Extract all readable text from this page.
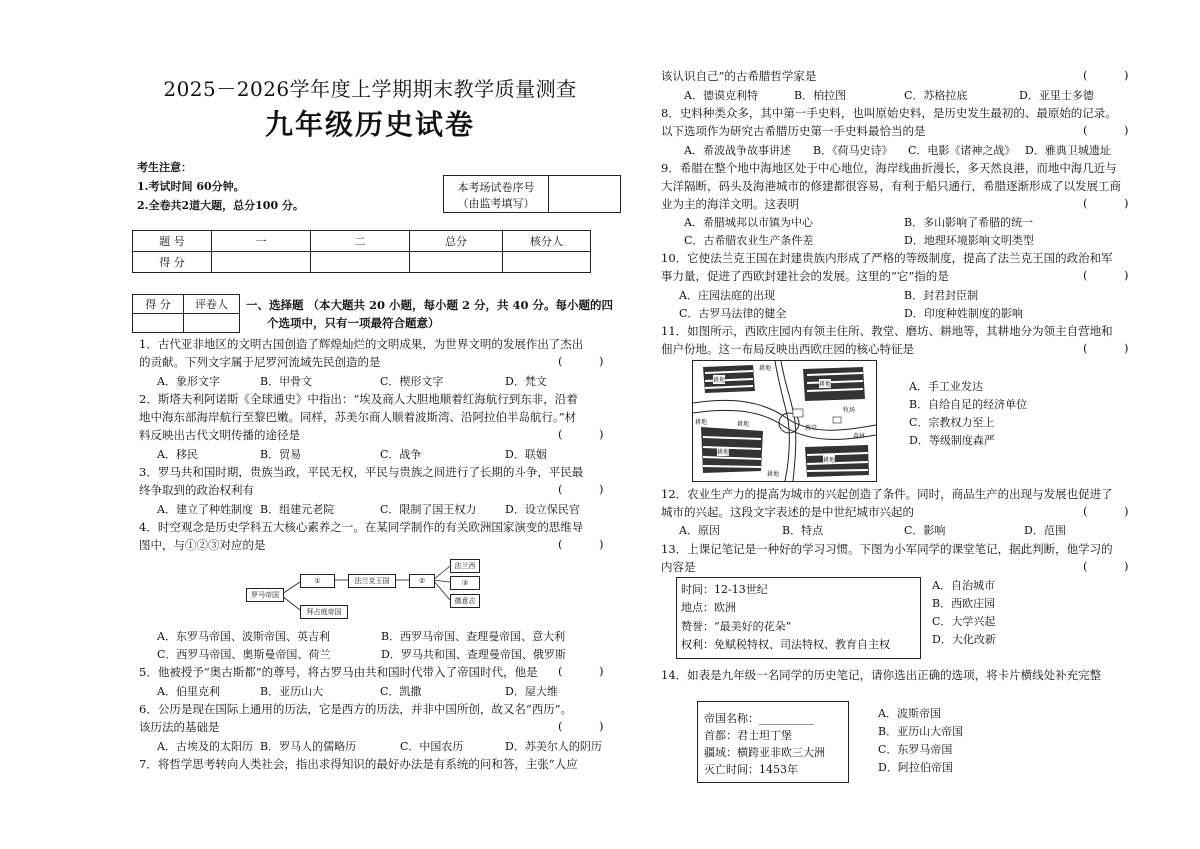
2025－2026学年度上学期期末教学质量测查
九年级历史试卷
考生注意：
1.考试时间 60分钟。
2.全卷共2道大题，总分100 分。
本考场试卷序号
（由监考填写）
题 号	一	二	总分	核分人
得 分				
得 分	评卷人
	一、选择题 （本大题共 20 小题，每小题 2 分，共 40 分。每小题的四
个选项中，只有一项最符合题意）
1．古代亚非地区的文明古国创造了辉煌灿烂的文明成果，为世界文明的发展作出了杰出
的贡献。下列文字属于尼罗河流域先民创造的是	(          )
A．象形文字	B．甲骨文	C．楔形文字	D．梵文
2．斯塔夫利阿诺斯《全球通史》中指出：“埃及商人大胆地顺着红海航行到东非，沿着
地中海东部海岸航行至黎巴嫩。同样，苏美尔商人顺着波斯湾、沿阿拉伯半岛航行。”材
料反映出古代文明传播的途径是	(          )
A．移民	B．贸易	C．战争	D．联姻
3．罗马共和国时期，贵族当政，平民无权，平民与贵族之间进行了长期的斗争，平民最
终争取到的政治权利有	(          )
A．建立了种姓制度 B．组建元老院	C．限制了国王权力	D．设立保民官
4．时空观念是历史学科五大核心素养之一。在某同学制作的有关欧洲国家演变的思维导
图中，与①②③对应的是	(          )
罗马帝国
①	法兰克王国	②
拜占庭帝国
法兰西
③
德意志
A．东罗马帝国、波斯帝国、英吉利	B．西罗马帝国、查理曼帝国、意大利
C．西罗马帝国、奥斯曼帝国、荷兰	D．罗马共和国、查理曼帝国、俄罗斯
5．他被授予“奥古斯都”的尊号，将古罗马由共和国时代带入了帝国时代，他是 (          )
A．伯里克利	B．亚历山大	C．凯撒	D．屋大维
6．公历是现在国际上通用的历法，它是西方的历法，并非中国所创，故又名“西历”。
该历法的基础是	(          )
A．古埃及的太阳历 B．罗马人的儒略历	C．中国农历	D．苏美尔人的阴历
7．将哲学思考转向人类社会，指出求得知识的最好办法是有系统的问和答，主张“人应
该认识自己”的古希腊哲学家是	(          )
A．德谟克利特	B．柏拉图	C．苏格拉底	D．亚里士多德
8．史料种类众多，其中第一手史料，也叫原始史料，是历史发生最初的、最原始的记录。
以下选项作为研究古希腊历史第一手史料最恰当的是	(          )
A．希波战争故事讲述 B．《荷马史诗》 C．电影《诸神之战》 D．雅典卫城遗址
9．希腊在整个地中海地区处于中心地位，海岸线曲折漫长，多天然良港，而地中海几近与
大洋隔断，码头及海港城市的修建都很容易，有利于船只通行，希腊逐渐形成了以发展工商
业为主的海洋文明。这表明	(          )
A．希腊城邦以市镇为中心	B．多山影响了希腊的统一
C．古希腊农业生产条件差	D．地理环境影响文明类型
10．它使法兰克王国在封建贵族内形成了严格的等级制度，提高了法兰克王国的政治和军
事力量，促进了西欧封建社会的发展。这里的“它”指的是	(          )
A．庄园法庭的出现	B．封君封臣制
C．古罗马法律的健全	D．印度种姓制度的影响
11．如图所示，西欧庄园内有领主住所、教堂、磨坊、耕地等，其耕地分为领主自营地和
佃户份地。这一布局反映出西欧庄园的核心特征是	(          )
耕地
耕地
耕地
耕地
耕地
教堂
牧场
森林
耕地
耕地
耕地
A．手工业发达
B．自给自足的经济单位
C．宗教权力至上
D．等级制度森严
12．农业生产力的提高为城市的兴起创造了条件。同时，商品生产的出现与发展也促进了
城市的兴起。这段文字表述的是中世纪城市兴起的	(          )
A．原因	B．特点	C．影响	D．范围
13．上课记笔记是一种好的学习习惯。下图为小军同学的课堂笔记，据此判断，他学习的
内容是	(          )
时间：12-13世纪
地点：欧洲
赞誉：“最美好的花朵”
权利：免赋税特权、司法特权、教育自主权
A．自治城市
B．西欧庄园
C．大学兴起
D．大化改新
14．如表是九年级一名同学的历史笔记，请你选出正确的选项，将卡片横线处补充完整
帝国名称：__________
首都：君士坦丁堡
疆域：横跨亚非欧三大洲
灭亡时间：1453年
A．波斯帝国
B．亚历山大帝国
C．东罗马帝国
D．阿拉伯帝国
